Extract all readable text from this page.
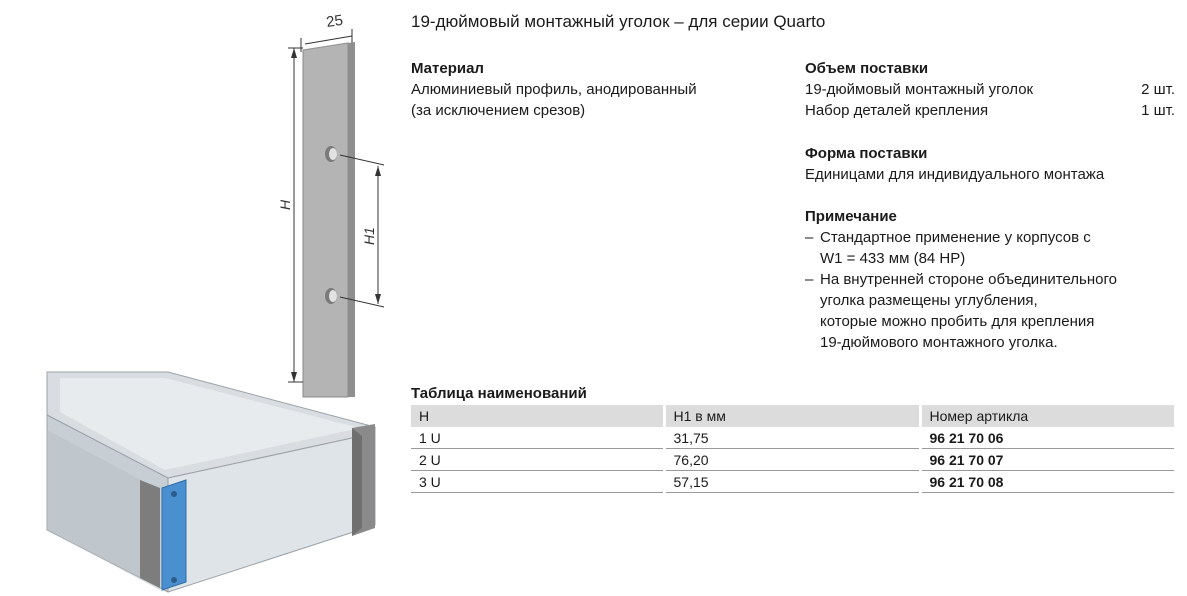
25
H
H1
19-дюймовый монтажный уголок – для серии Quarto
Материал

Алюминиевый профиль, анодированный

(за исключением срезов)

Объем поставки
19-дюймовый монтажный уголок	2 шт.
Набор деталей крепления	1 шт.
Форма поставки

Единицами для индивидуального монтажа

Примечание
– Стандартное применение у корпусов с

W1 = 433 мм (84 HP)

– На внутренней стороне объединительного

уголка размещены углубления,

которые можно пробить для крепления

19-дюймового монтажного уголка.

Таблица наименований
H	H1 в мм	Номер артикла
1 U	31,75	96 21 70 06
2 U	76,20	96 21 70 07
3 U	57,15	96 21 70 08
